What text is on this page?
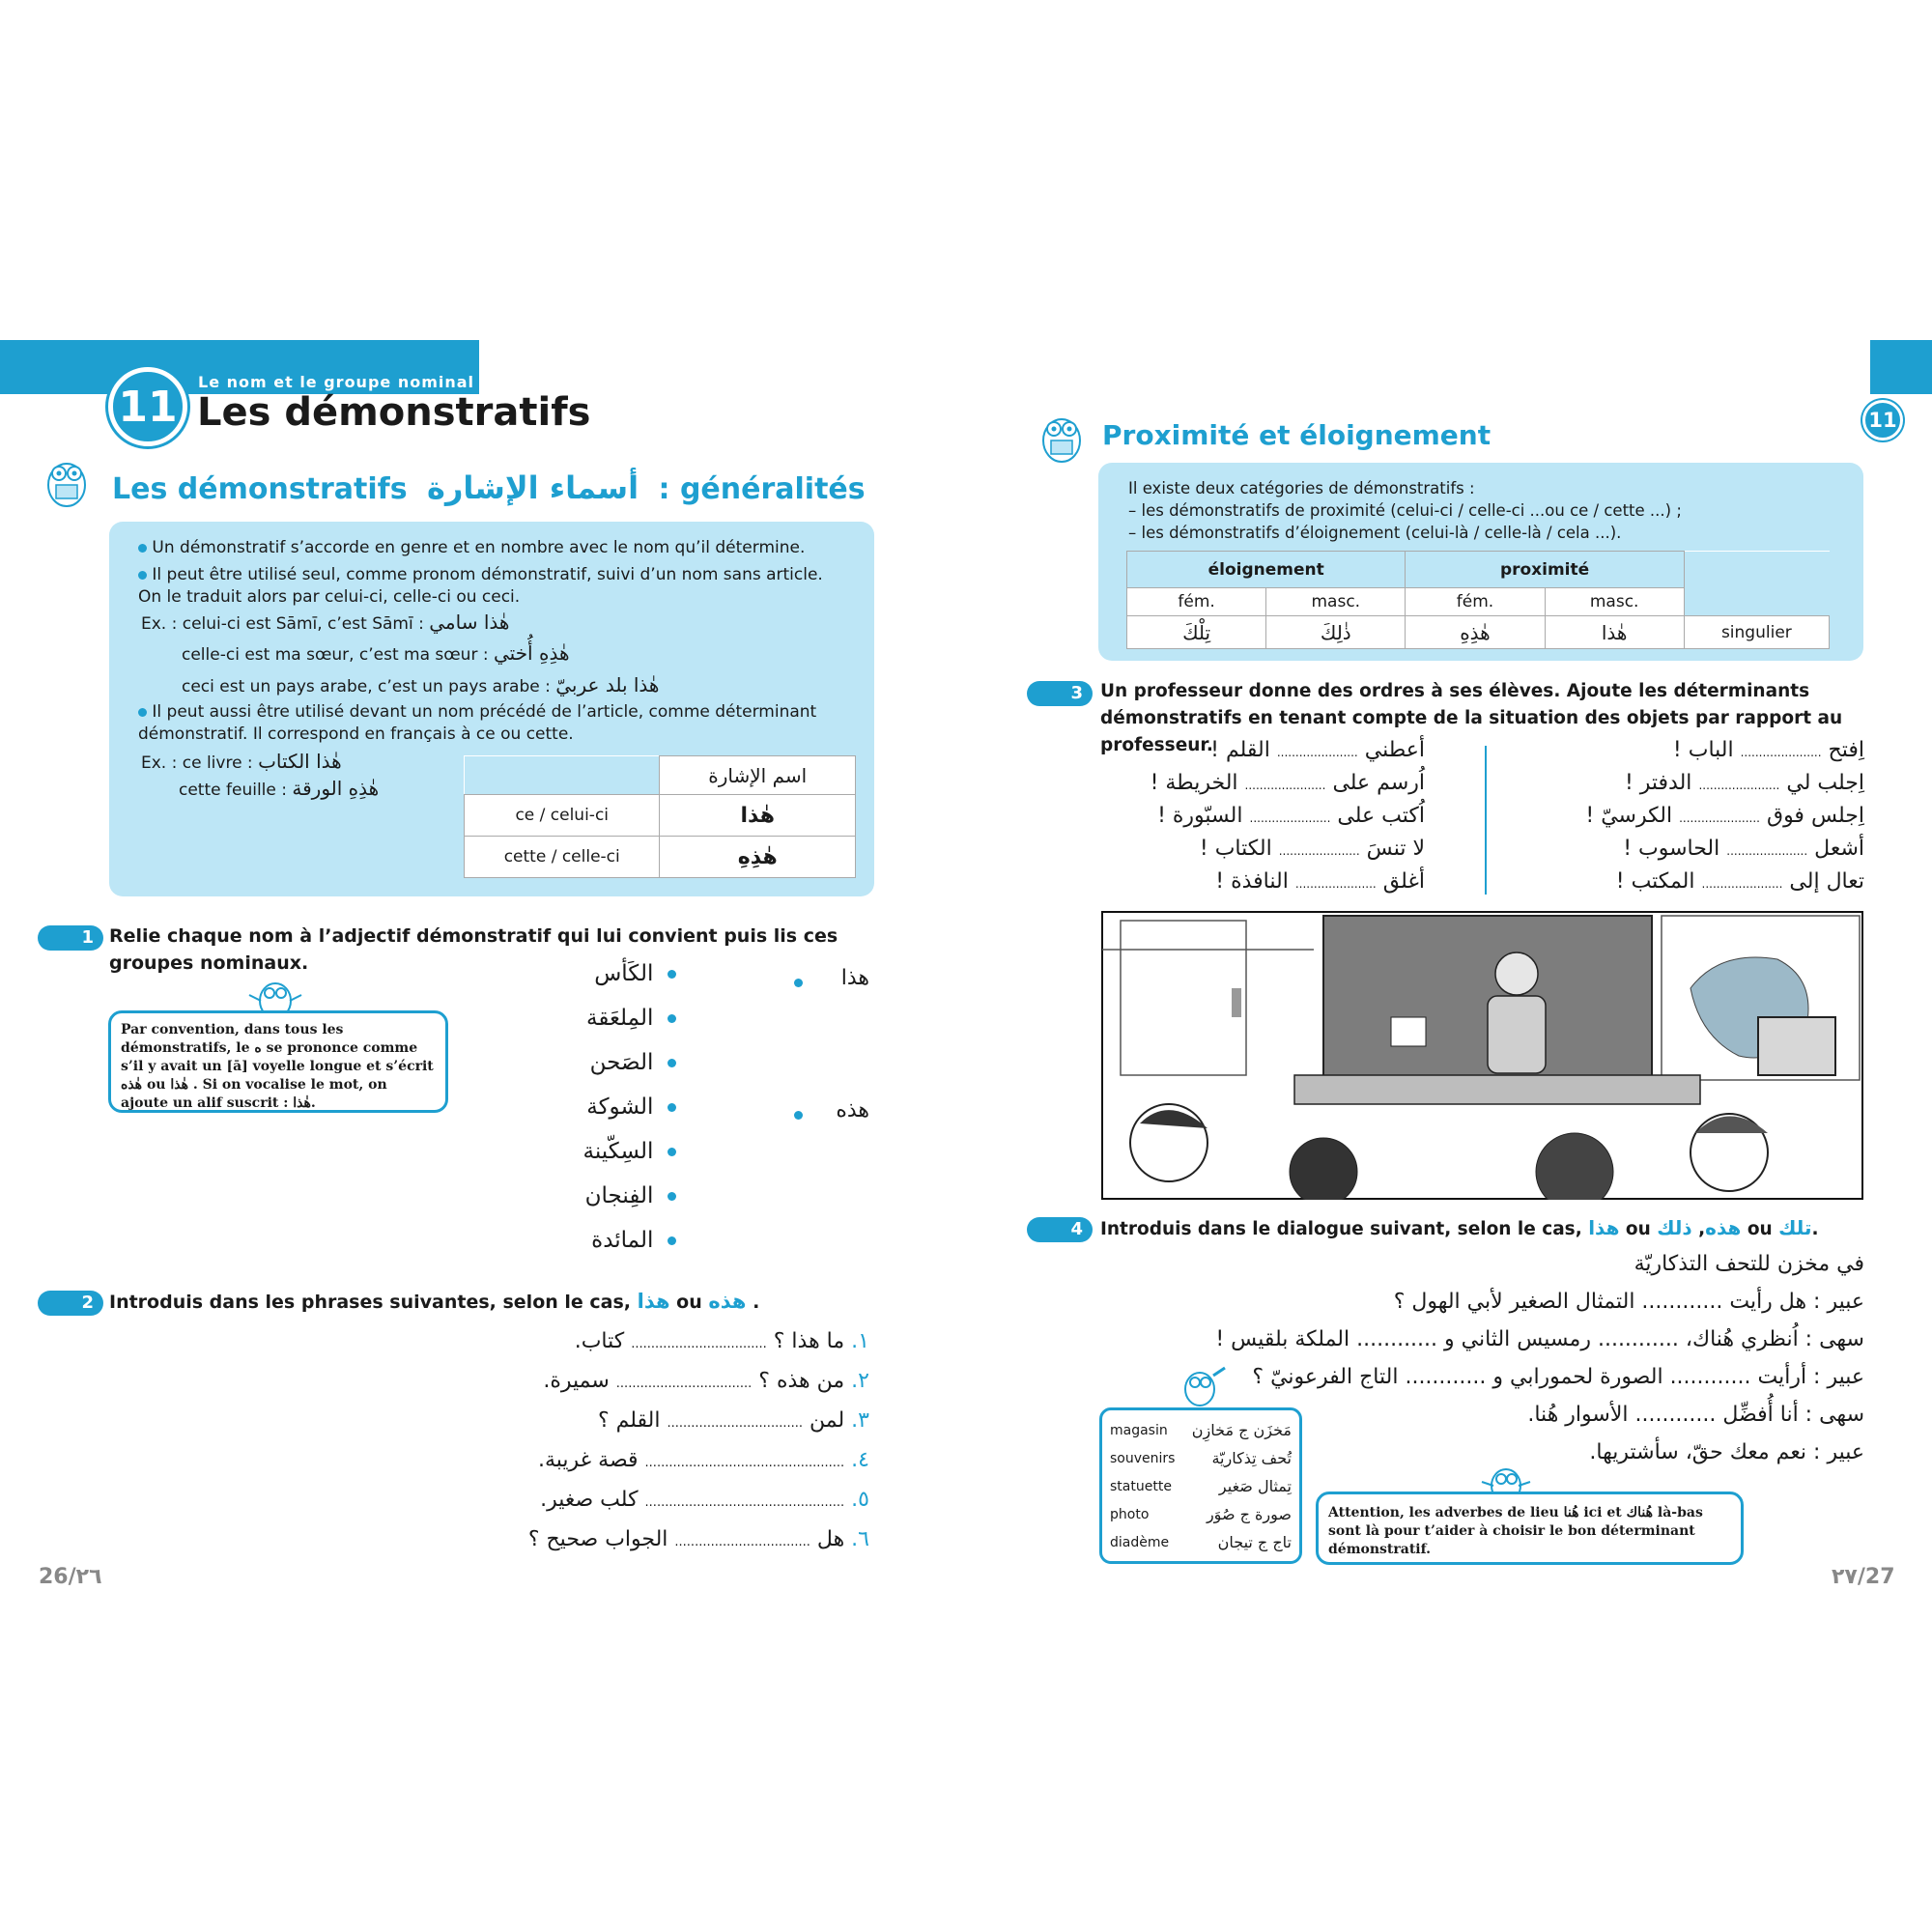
Le nom et le groupe nominal
11 Les démonstratifs
Les démonstratifs أسماء الإشارة : généralités
Un démonstratif s’accorde en genre et en nombre avec le nom qu’il détermine.
Il peut être utilisé seul, comme pronom démonstratif, suivi d’un nom sans article.
On le traduit alors par celui-ci, celle-ci ou ceci.
Ex. : celui-ci est Sāmī, c’est Sāmī : هٰذا سامي
celle-ci est ma sœur, c’est ma sœur : هٰذِهِ أُختي
ceci est un pays arabe, c’est un pays arabe : هٰذا بلد عربيّ
Il peut aussi être utilisé devant un nom précédé de l’article, comme déterminant
démonstratif. Il correspond en français à ce ou cette.
Ex. : ce livre : هٰذا الكتاب
cette feuille : هٰذِهِ الورقة
	اسم الإشارة
ce / celui-ci	هٰذا
cette / celle-ci	هٰذِهِ
1 Relie chaque nom à l’adjectif démonstratif qui lui convient puis lis ces groupes nominaux.
Par convention, dans tous les démonstratifs, le ه se prononce comme s’il y avait un [ā] voyelle longue et s’écrit هٰذه ou هٰذا . Si on vocalise le mot, on ajoute un alif suscrit : هٰذا.
هذا
هذه
الكَأس
المِلعَقة
الصَحن
الشوكة
السِكّينة
الفِنجان
المائدة
2 Introduis dans les phrases suivantes, selon le cas, هذا ou هذه .
١. ما هذا ؟ .................................. كتاب.
٢. من هذه ؟ .................................. سميرة.
٣. لمن .................................. القلم ؟
٤. .................................................. قصة غريبة.
٥. .................................................. كلب صغير.
٦. هل .................................. الجواب صحيح ؟
26/٢٦
11
Proximité et éloignement
Il existe deux catégories de démonstratifs :
– les démonstratifs de proximité (celui-ci / celle-ci ...ou ce / cette ...) ;
– les démonstratifs d’éloignement (celui-là / celle-là / cela ...).
éloignement		proximité		
fém.	masc.	fém.	masc.	
تِلْكَ	ذٰلِكَ	هٰذِهِ	هٰذا	singulier
3 Un professeur donne des ordres à ses élèves. Ajoute les déterminants démonstratifs en tenant compte de la situation des objets par rapport au professeur.	اِفتح ...................... الباب !
اِجلب لي ...................... الدفتر !
اِجلس فوق ...................... الكرسيّ !
أشعل ...................... الحاسوب !
تعال إلى ...................... المكتب !
أعطني ...................... القلم !
اُرسم على ...................... الخريطة !
اُكتب على ...................... السبّورة !
لا تنسَ ...................... الكتاب !
أغلق ...................... النافذة !
4 Introduis dans le dialogue suivant, selon le cas, هذا ou	هذه, ذلك	ou تلك.
في مخزن للتحف التذكاريّة
عبير : هل رأيت ............ التمثال الصغير لأبي الهول ؟
سهى : اُنظري هُناك، ............ رمسيس الثاني و ............ الملكة بلقيس !
عبير : أرأيت ............ الصورة لحمورابي و ............ التاج الفرعونيّ ؟
سهى : أنا أُفضِّل ............ الأسوار هُنا.
عبير : نعم معك حقّ، سأشتريها.
magasin مَخزَن ج مَخازِن
souvenirs تُحف تِذكاريّة
statuette	تِمثال صَغير
photo	صورة ج صُوَر
diadème	تاج ج تيجان
Attention, les adverbes de lieu هُنا ici et هُناك là-bas sont là pour t’aider à choisir le bon déterminant démonstratif.
٢٧/27
